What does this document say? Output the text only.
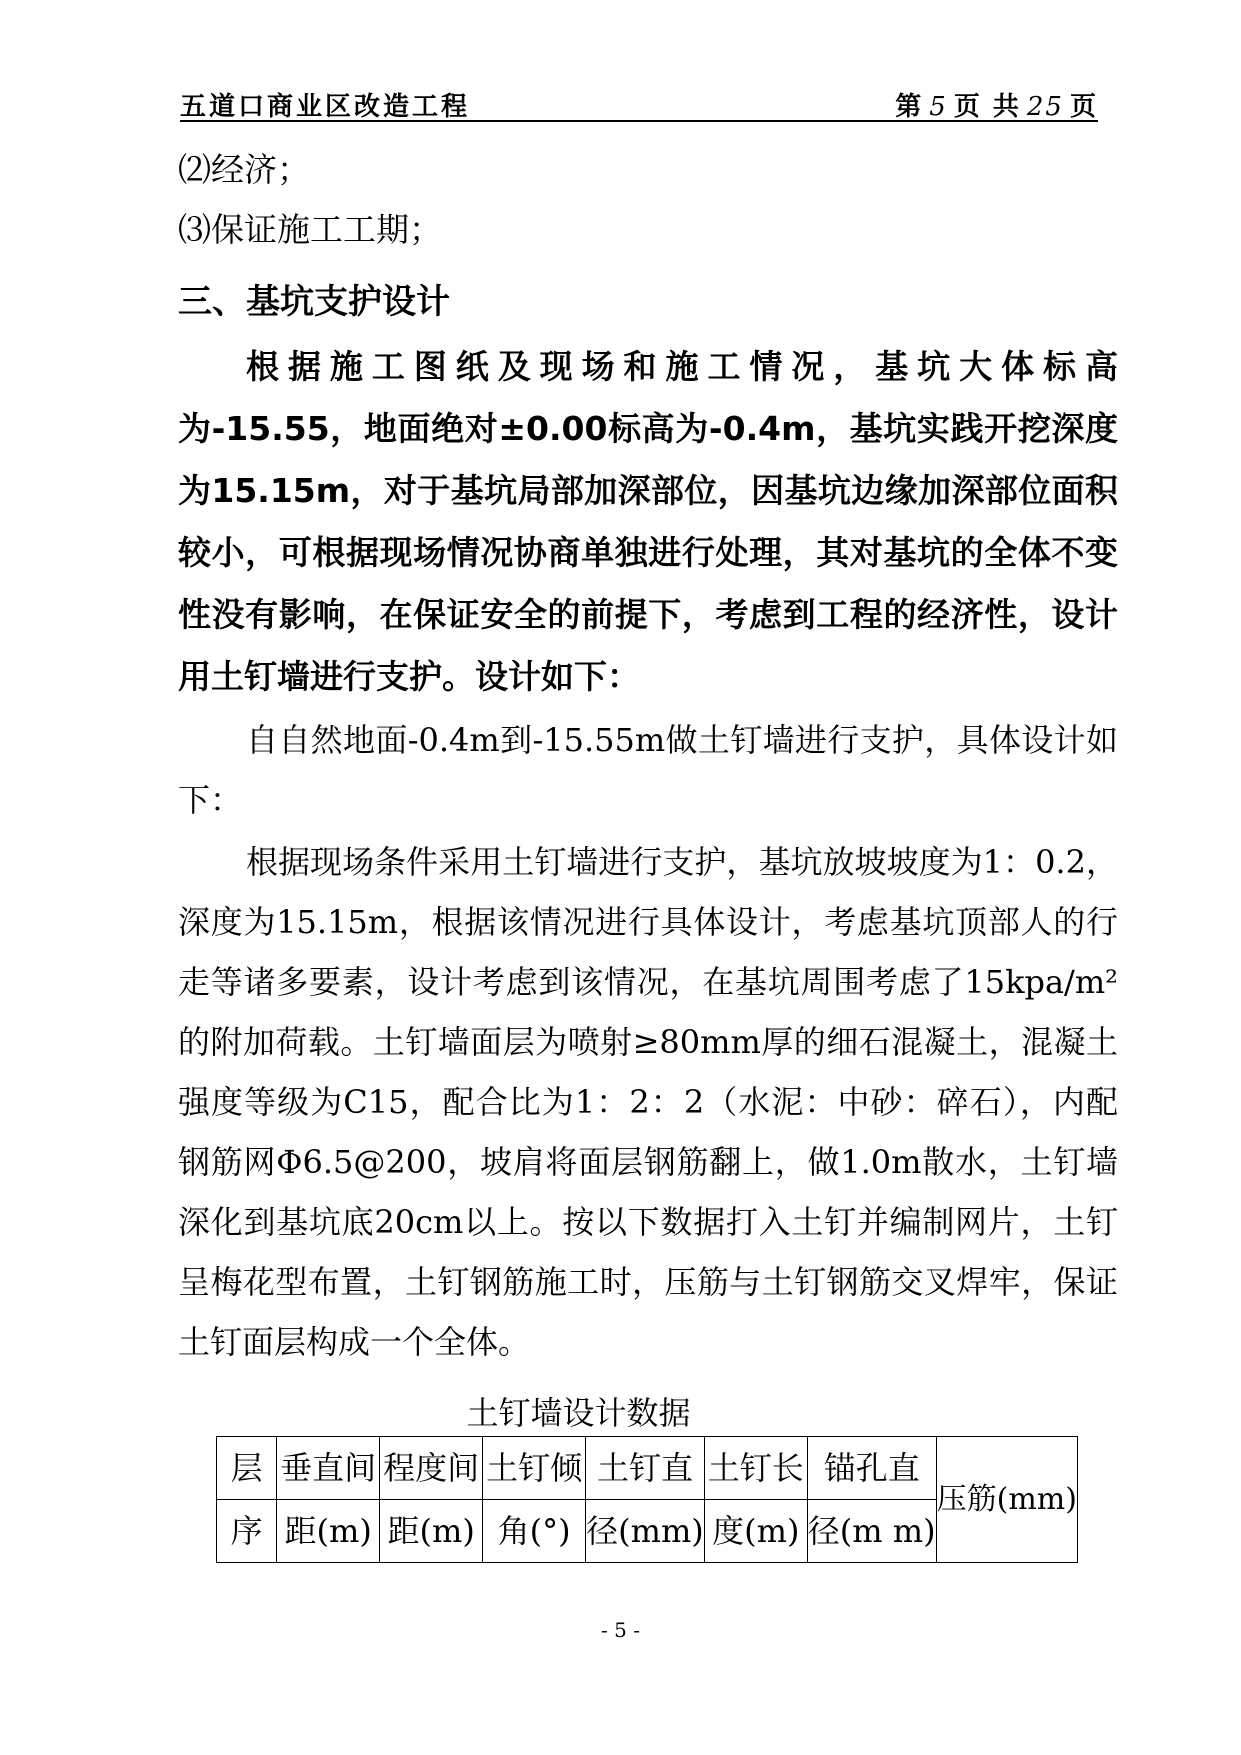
五道口商业区改造工程	第 5 页 共 25 页
⑵经济；
⑶保证施工工期；
三、基坑支护设计
根据施工图纸及现场和施工情况，基坑大体标高为-15.55，地面绝对±0.00标高为-0.4m，基坑实践开挖深度为15.15m，对于基坑局部加深部位，因基坑边缘加深部位面积较小，可根据现场情况协商单独进行处理，其对基坑的全体不变性没有影响，在保证安全的前提下，考虑到工程的经济性，设计用土钉墙进行支护。设计如下：
自自然地面-0.4m到-15.55m做土钉墙进行支护，具体设计如下：
根据现场条件采用土钉墙进行支护，基坑放坡坡度为1：0.2，深度为15.15m，根据该情况进行具体设计，考虑基坑顶部人的行走等诸多要素，设计考虑到该情况，在基坑周围考虑了15kpa/m²的附加荷载。土钉墙面层为喷射≥80mm厚的细石混凝土，混凝土强度等级为C15，配合比为1：2：2（水泥：中砂：碎石），内配钢筋网Φ6.5@200，坡肩将面层钢筋翻上，做1.0m散水，土钉墙深化到基坑底20cm以上。按以下数据打入土钉并编制网片，土钉呈梅花型布置，土钉钢筋施工时，压筋与土钉钢筋交叉焊牢，保证土钉面层构成一个全体。
土钉墙设计数据
层	垂直间	程度间	土钉倾	土钉直	土钉长	锚孔直	压筋(mm)
序	距(m)	距(m)	角(°)	径(mm)	度(m)	径(m m)	
- 5 -
